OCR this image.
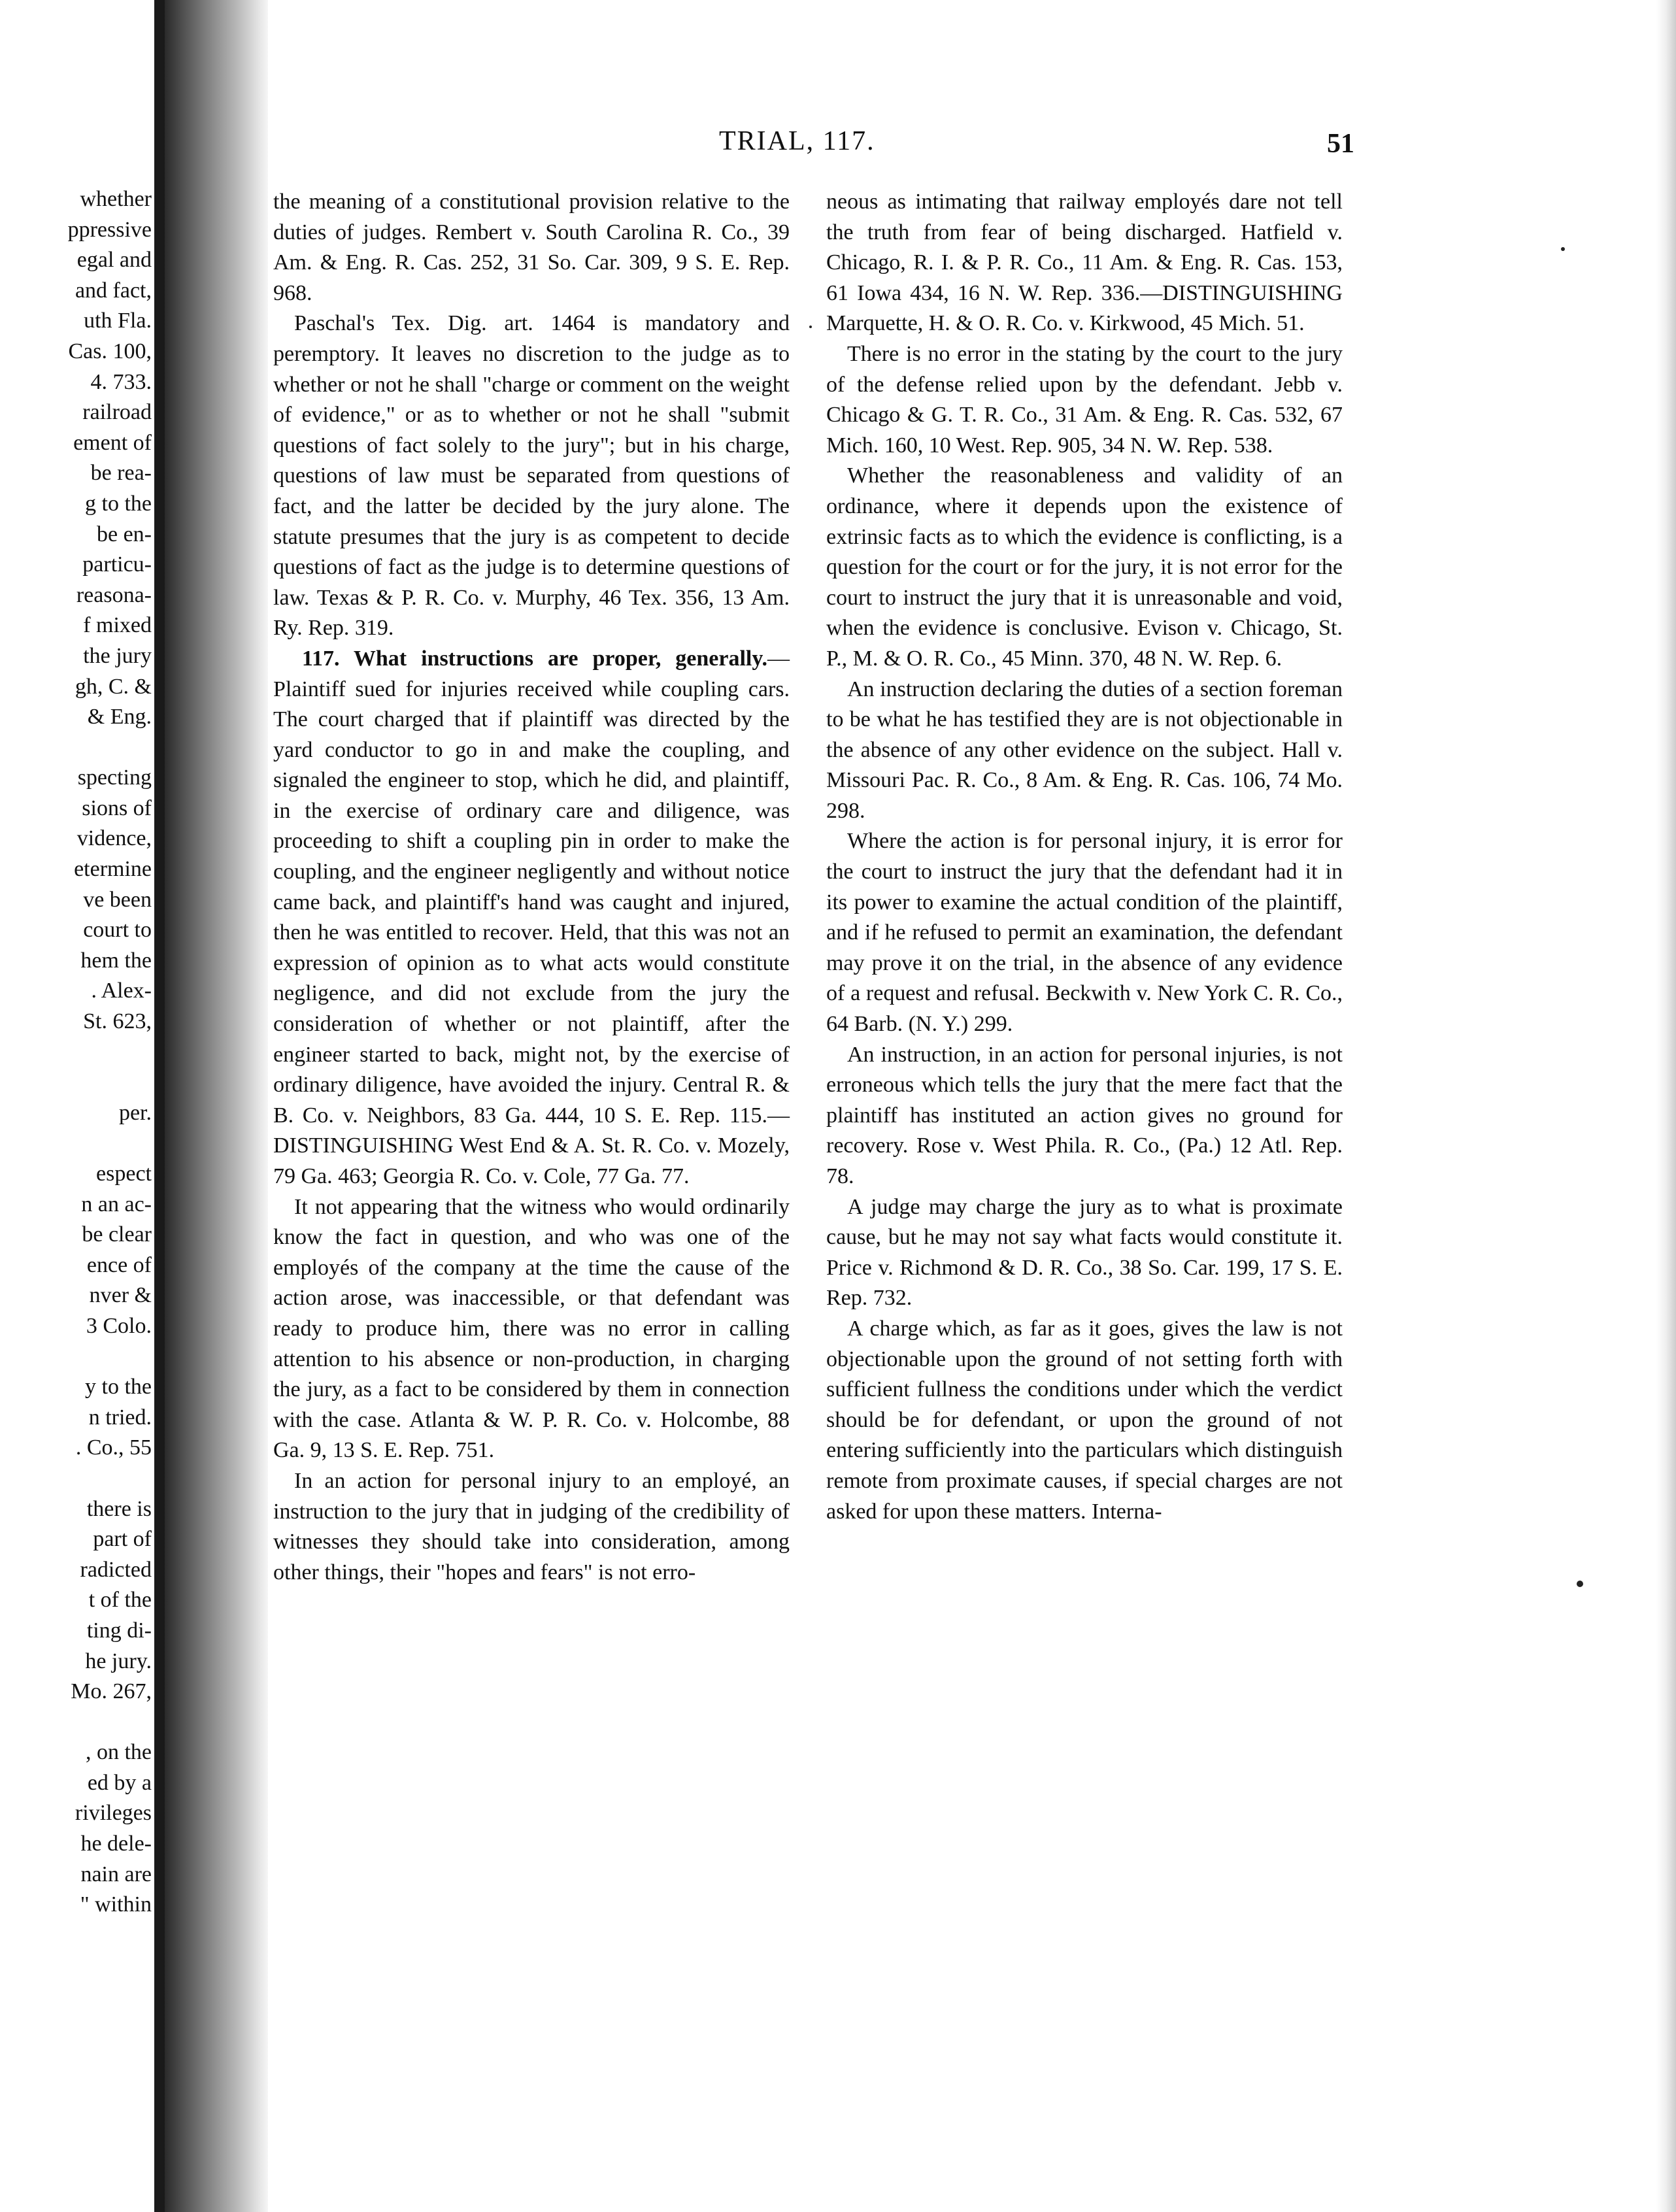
whether
ppressive
egal and
and fact,
uth Fla.
Cas. 100,
4. 733.
railroad
ement of
be rea-
g to the
be en-
particu-
reasona-
f mixed
the jury
gh, C. &
& Eng.
specting
sions of
vidence,
etermine
ve been
court to
hem the
. Alex-
St. 623,
per.
espect
n an ac-
be clear
ence of
nver &
3 Colo.
y to the
n tried.
. Co., 55
there is
part of
radicted
t of the
ting di-
he jury.
Mo. 267,
, on the
ed by a
rivileges
he dele-
nain are
" within
TRIAL, 117.	51

the meaning of a constitutional provision relative to the duties of judges. Rembert v. South Carolina R. Co., 39 Am. & Eng. R. Cas. 252, 31 So. Car. 309, 9 S. E. Rep. 968.

Paschal's Tex. Dig. art. 1464 is mandatory and peremptory. It leaves no discretion to the judge as to whether or not he shall "charge or comment on the weight of evidence," or as to whether or not he shall "submit questions of fact solely to the jury"; but in his charge, questions of law must be separated from questions of fact, and the latter be decided by the jury alone. The statute presumes that the jury is as competent to decide questions of fact as the judge is to determine questions of law. Texas & P. R. Co. v. Murphy, 46 Tex. 356, 13 Am. Ry. Rep. 319.

117. What instructions are proper, generally.—Plaintiff sued for injuries received while coupling cars. The court charged that if plaintiff was directed by the yard conductor to go in and make the coupling, and signaled the engineer to stop, which he did, and plaintiff, in the exercise of ordinary care and diligence, was proceeding to shift a coupling pin in order to make the coupling, and the engineer negligently and without notice came back, and plaintiff's hand was caught and injured, then he was entitled to recover. Held, that this was not an expression of opinion as to what acts would constitute negligence, and did not exclude from the jury the consideration of whether or not plaintiff, after the engineer started to back, might not, by the exercise of ordinary diligence, have avoided the injury. Central R. & B. Co. v. Neighbors, 83 Ga. 444, 10 S. E. Rep. 115.—DISTINGUISHING West End & A. St. R. Co. v. Mozely, 79 Ga. 463; Georgia R. Co. v. Cole, 77 Ga. 77.

It not appearing that the witness who would ordinarily know the fact in question, and who was one of the employés of the company at the time the cause of the action arose, was inaccessible, or that defendant was ready to produce him, there was no error in calling attention to his absence or non-production, in charging the jury, as a fact to be considered by them in connection with the case. Atlanta & W. P. R. Co. v. Holcombe, 88 Ga. 9, 13 S. E. Rep. 751.

In an action for personal injury to an employé, an instruction to the jury that in judging of the credibility of witnesses they should take into consideration, among other things, their "hopes and fears" is not erro-

neous as intimating that railway employés dare not tell the truth from fear of being discharged. Hatfield v. Chicago, R. I. & P. R. Co., 11 Am. & Eng. R. Cas. 153, 61 Iowa 434, 16 N. W. Rep. 336.—DISTINGUISHING Marquette, H. & O. R. Co. v. Kirkwood, 45 Mich. 51.

There is no error in the stating by the court to the jury of the defense relied upon by the defendant. Jebb v. Chicago & G. T. R. Co., 31 Am. & Eng. R. Cas. 532, 67 Mich. 160, 10 West. Rep. 905, 34 N. W. Rep. 538.

Whether the reasonableness and validity of an ordinance, where it depends upon the existence of extrinsic facts as to which the evidence is conflicting, is a question for the court or for the jury, it is not error for the court to instruct the jury that it is unreasonable and void, when the evidence is conclusive. Evison v. Chicago, St. P., M. & O. R. Co., 45 Minn. 370, 48 N. W. Rep. 6.

An instruction declaring the duties of a section foreman to be what he has testified they are is not objectionable in the absence of any other evidence on the subject. Hall v. Missouri Pac. R. Co., 8 Am. & Eng. R. Cas. 106, 74 Mo. 298.

Where the action is for personal injury, it is error for the court to instruct the jury that the defendant had it in its power to examine the actual condition of the plaintiff, and if he refused to permit an examination, the defendant may prove it on the trial, in the absence of any evidence of a request and refusal. Beckwith v. New York C. R. Co., 64 Barb. (N. Y.) 299.

An instruction, in an action for personal injuries, is not erroneous which tells the jury that the mere fact that the plaintiff has instituted an action gives no ground for recovery. Rose v. West Phila. R. Co., (Pa.) 12 Atl. Rep. 78.

A judge may charge the jury as to what is proximate cause, but he may not say what facts would constitute it. Price v. Richmond & D. R. Co., 38 So. Car. 199, 17 S. E. Rep. 732.

A charge which, as far as it goes, gives the law is not objectionable upon the ground of not setting forth with sufficient fullness the conditions under which the verdict should be for defendant, or upon the ground of not entering sufficiently into the particulars which distinguish remote from proximate causes, if special charges are not asked for upon these matters. Interna-
